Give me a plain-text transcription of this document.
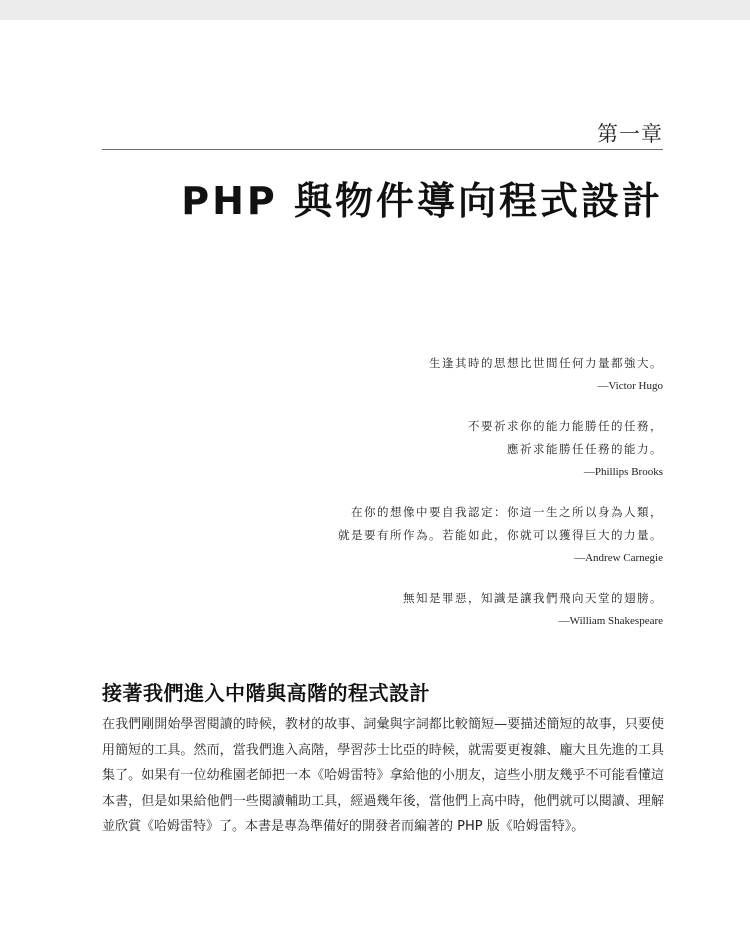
第一章
PHP 與物件導向程式設計
生逢其時的思想比世間任何力量都強大。
—Victor Hugo
不要祈求你的能力能勝任的任務，
應祈求能勝任任務的能力。
—Phillips Brooks
在你的想像中要自我認定：你這一生之所以身為人類，
就是要有所作為。若能如此，你就可以獲得巨大的力量。
—Andrew Carnegie
無知是罪惡，知識是讓我們飛向天堂的翅膀。
—William Shakespeare
接著我們進入中階與高階的程式設計
在我們剛開始學習閱讀的時候，教材的故事、詞彙與字詞都比較簡短—要描述簡短的故事，只要使用簡短的工具。然而，當我們進入高階，學習莎士比亞的時候，就需要更複雜、龐大且先進的工具集了。如果有一位幼稚園老師把一本《哈姆雷特》拿給他的小朋友，這些小朋友幾乎不可能看懂這本書，但是如果給他們一些閱讀輔助工具，經過幾年後，當他們上高中時，他們就可以閱讀、理解並欣賞《哈姆雷特》了。本書是專為準備好的開發者而編著的 PHP 版《哈姆雷特》。
